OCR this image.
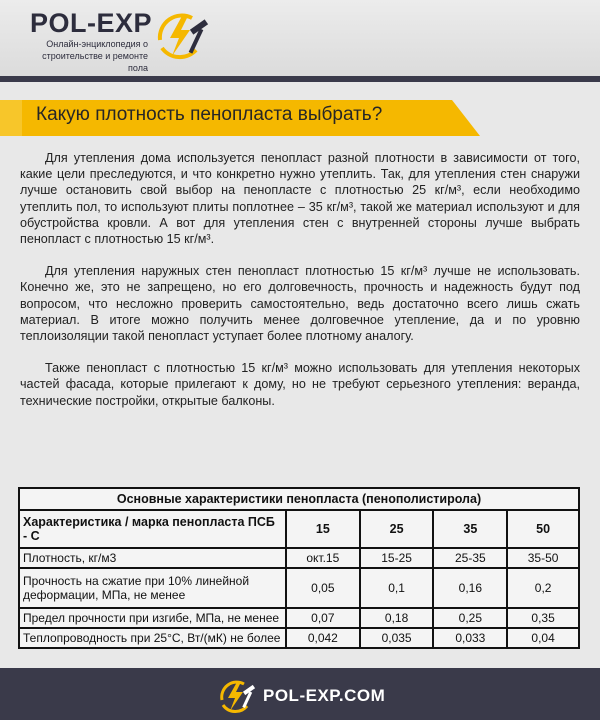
POL-EXP
Онлайн-энциклопедия о
строительстве и ремонте пола
Какую плотность пенопласта выбрать?

Для утепления дома используется пенопласт разной плотности в зависимости от того, какие цели преследуются, и что конкретно нужно утеплить. Так, для утепления стен снаружи лучше остановить свой выбор на пенопласте с плотностью 25 кг/м³, если необходимо утеплить пол, то используют плиты поплотнее – 35 кг/м³, такой же материал используют и для обустройства кровли. А вот для утепления стен с внутренней стороны лучше выбрать пенопласт с плотностью 15 кг/м³.

Для утепления наружных стен пенопласт плотностью 15 кг/м³ лучше не использовать. Конечно же, это не запрещено, но его долговечность, прочность и надежность будут под вопросом, что несложно проверить самостоятельно, ведь достаточно всего лишь сжать материал. В итоге можно получить менее долговечное утепление, да и по уровню теплоизоляции такой пенопласт уступает более плотному аналогу.

Также пенопласт с плотностью 15 кг/м³ можно использовать для утепления некоторых частей фасада, которые прилегают к дому, но не требуют серьезного утепления: веранда, технические постройки, открытые балконы.

Основные характеристики пенопласта (пенополистирола)				
Характеристика / марка пенопласта ПСБ - С	15	25	35	50
Плотность, кг/м3	окт.15	15-25	25-35	35-50
Прочность на сжатие при 10% линейной деформации, МПа, не менее	0,05	0,1	0,16	0,2
Предел прочности при изгибе, МПа, не менее	0,07	0,18	0,25	0,35
Теплопроводность при 25°С, Вт/(мК) не более	0,042	0,035	0,033	0,04
POL-EXP.COM
